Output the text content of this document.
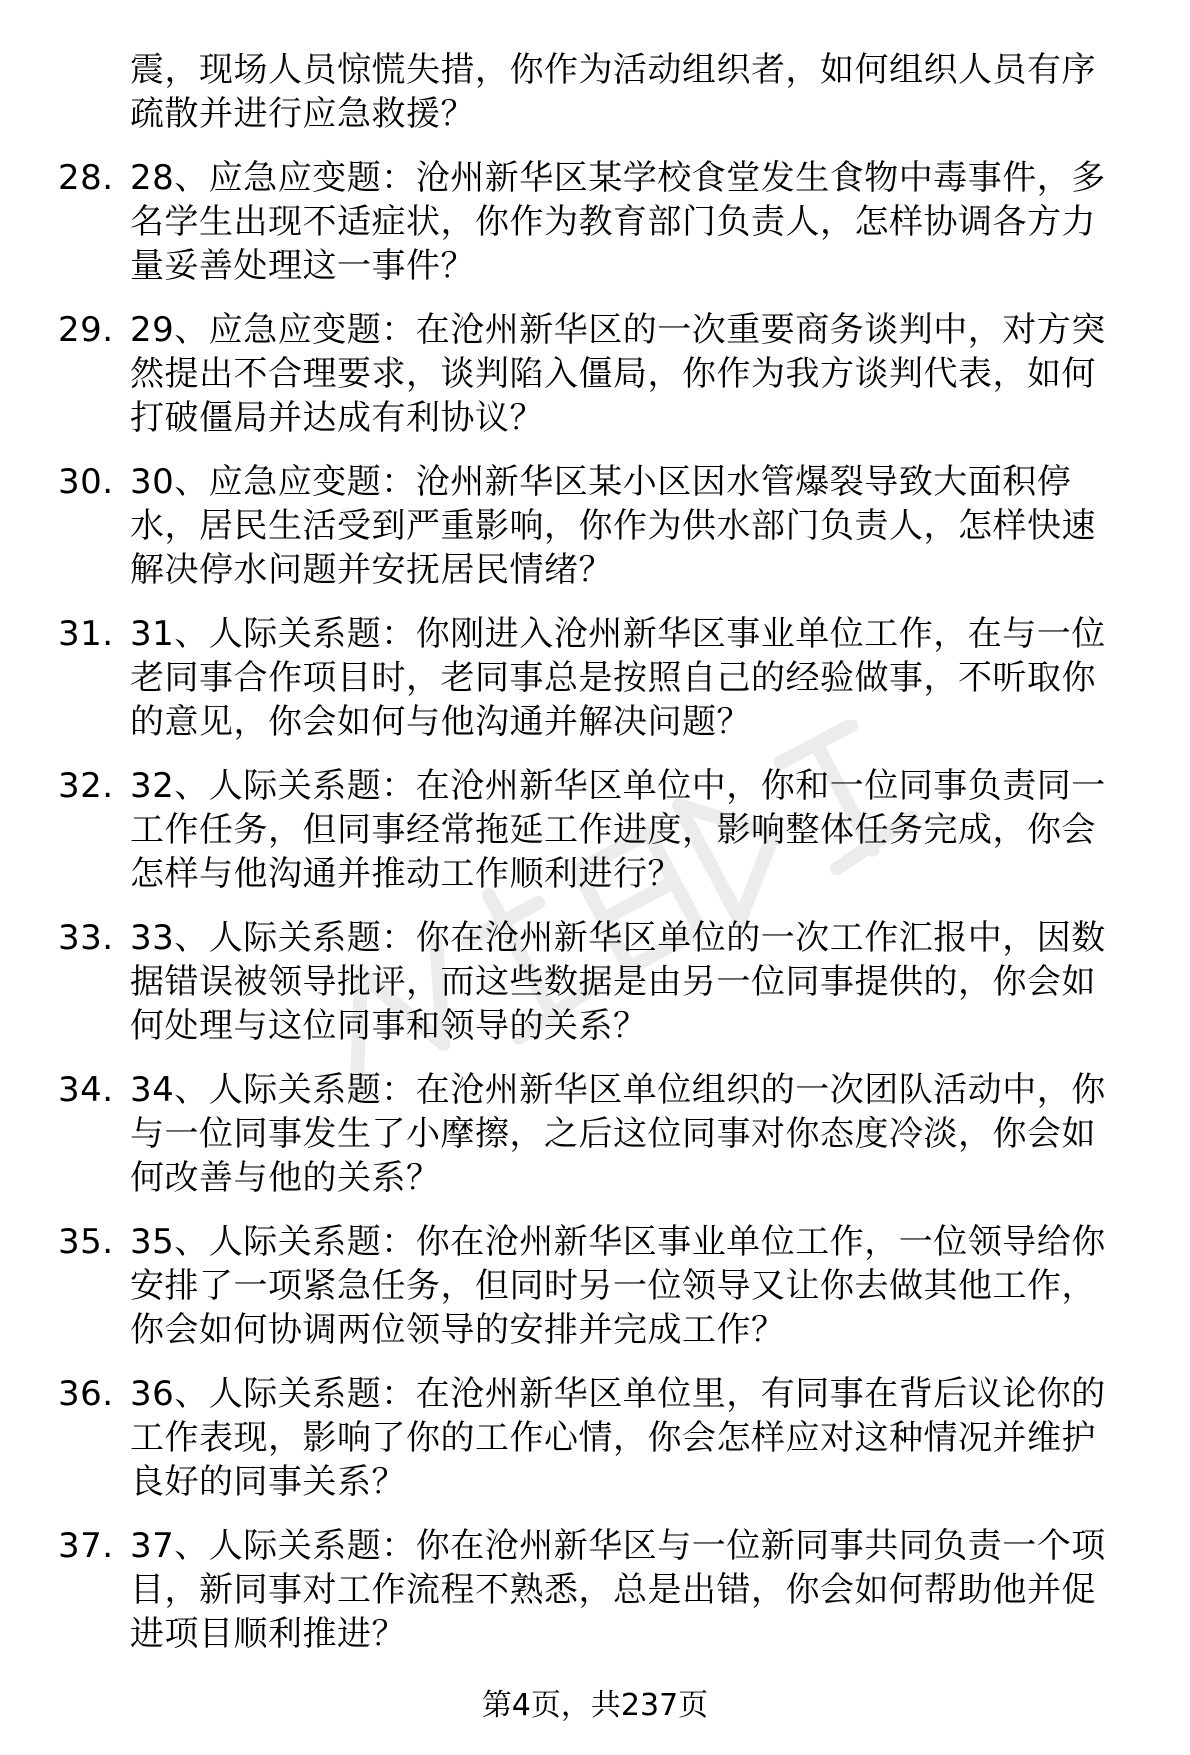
震，现场人员惊慌失措，你作为活动组织者，如何组织人员有序
疏散并进行应急救援？
28. 28、应急应变题：沧州新华区某学校食堂发生食物中毒事件，多
名学生出现不适症状，你作为教育部门负责人，怎样协调各方力
量妥善处理这一事件？
29. 29、应急应变题：在沧州新华区的一次重要商务谈判中，对方突
然提出不合理要求，谈判陷入僵局，你作为我方谈判代表，如何
打破僵局并达成有利协议？
30. 30、应急应变题：沧州新华区某小区因水管爆裂导致大面积停
水，居民生活受到严重影响，你作为供水部门负责人，怎样快速
解决停水问题并安抚居民情绪？
31. 31、人际关系题：你刚进入沧州新华区事业单位工作，在与一位
老同事合作项目时，老同事总是按照自己的经验做事，不听取你
的意见，你会如何与他沟通并解决问题？
32. 32、人际关系题：在沧州新华区单位中，你和一位同事负责同一
工作任务，但同事经常拖延工作进度，影响整体任务完成，你会
怎样与他沟通并推动工作顺利进行？
33. 33、人际关系题：你在沧州新华区单位的一次工作汇报中，因数
据错误被领导批评，而这些数据是由另一位同事提供的，你会如
何处理与这位同事和领导的关系？
34. 34、人际关系题：在沧州新华区单位组织的一次团队活动中，你
与一位同事发生了小摩擦，之后这位同事对你态度冷淡，你会如
何改善与他的关系？
35. 35、人际关系题：你在沧州新华区事业单位工作，一位领导给你
安排了一项紧急任务，但同时另一位领导又让你去做其他工作，
你会如何协调两位领导的安排并完成工作？
36. 36、人际关系题：在沧州新华区单位里，有同事在背后议论你的
工作表现，影响了你的工作心情，你会怎样应对这种情况并维护
良好的同事关系？
37. 37、人际关系题：你在沧州新华区与一位新同事共同负责一个项
目，新同事对工作流程不熟悉，总是出错，你会如何帮助他并促
进项目顺利推进？
第4页，共237页
